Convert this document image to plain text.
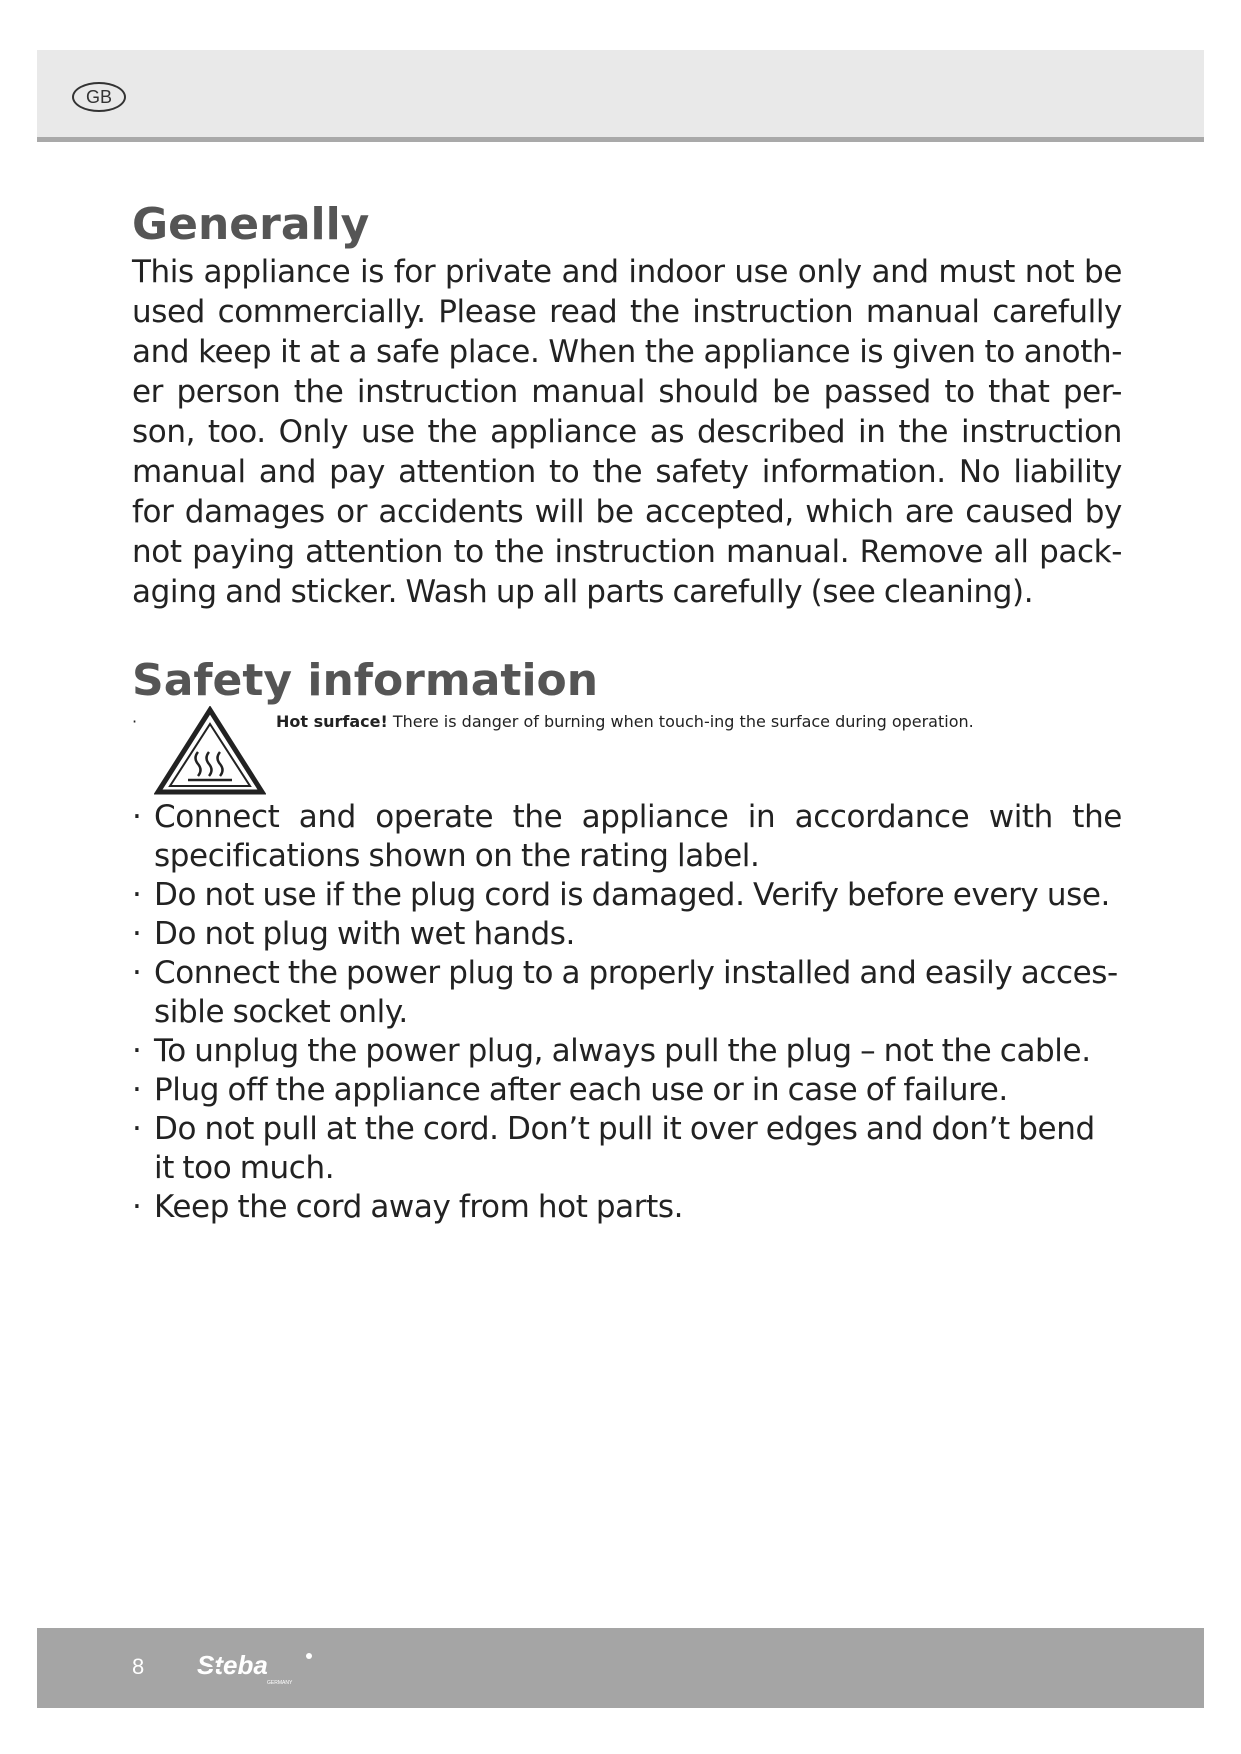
GB
Generally

This appliance is for private and indoor use only and must not be used commercially. Please read the instruction manual carefully and keep it at a safe place. When the appliance is given to anoth-er person the instruction manual should be passed to that per-son, too. Only use the appliance as described in the instruction manual and pay attention to the safety information. No liability for damages or accidents will be accepted, which are caused by not paying attention to the instruction manual. Remove all pack-aging and sticker. Wash up all parts carefully (see cleaning).

Safety information
·	Hot surface! There is danger of burning when touch-ing the surface during operation.
· Connect and operate the appliance in accordance with the specifications shown on the rating label.
· Do not use if the plug cord is damaged. Verify before every use.
· Do not plug with wet hands.
· Connect the power plug to a properly installed and easily acces-sible socket only.
· To unplug the power plug, always pull the plug – not the cable.
· Plug off the appliance after each use or in case of failure.
· Do not pull at the cord. Don’t pull it over edges and don’t bend it too much.
· Keep the cord away from hot parts.
8 Steba
GERMANY
